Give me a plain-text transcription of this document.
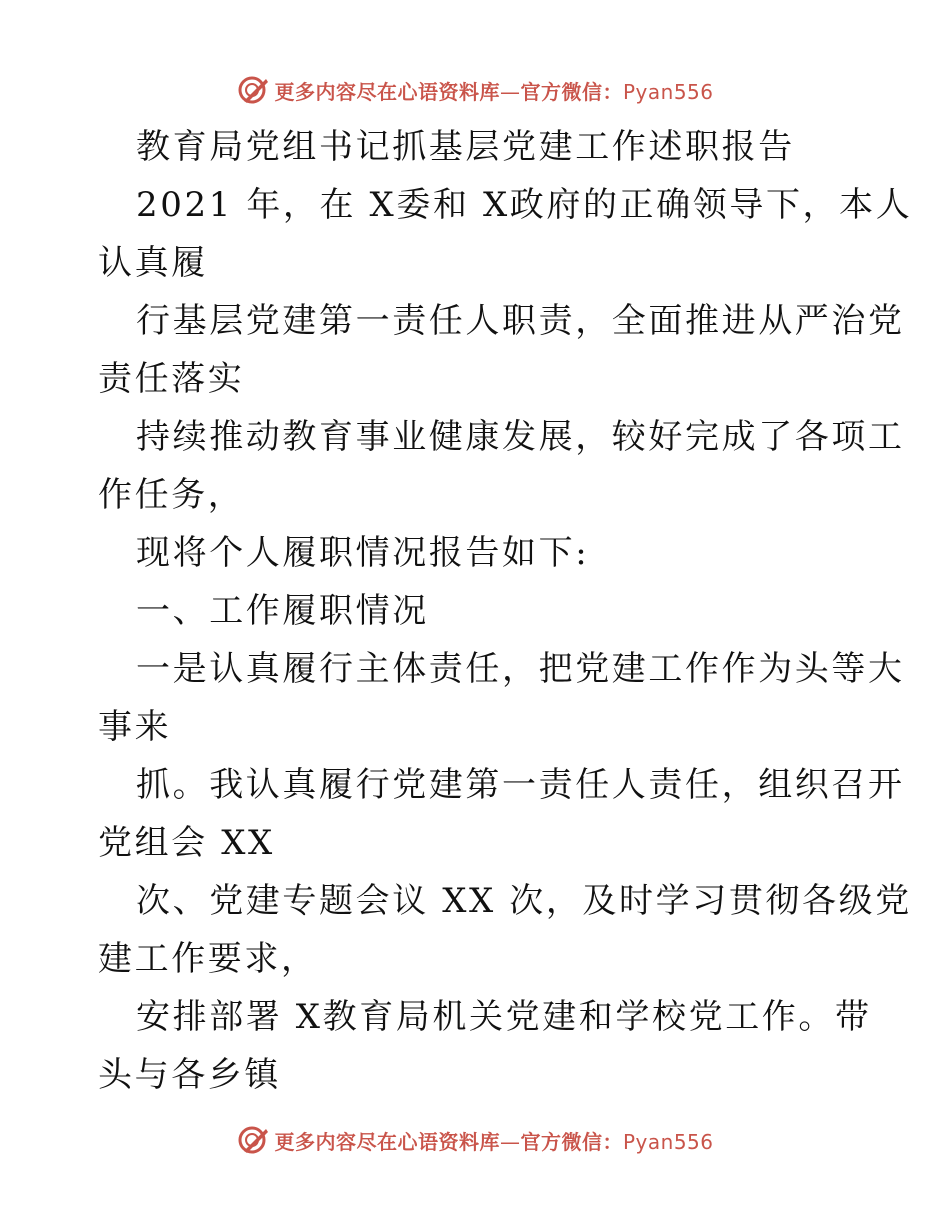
更多内容尽在心语资料库—官方微信：Pyan556
教育局党组书记抓基层党建工作述职报告
2021 年，在 X委和 X政府的正确领导下，本人
认真履
行基层党建第一责任人职责，全面推进从严治党
责任落实
持续推动教育事业健康发展，较好完成了各项工
作任务，
现将个人履职情况报告如下:
一、工作履职情况
一是认真履行主体责任，把党建工作作为头等大
事来
抓。我认真履行党建第一责任人责任，组织召开
党组会 XX
次、党建专题会议 XX 次，及时学习贯彻各级党
建工作要求，
安排部署 X教育局机关党建和学校党工作。带
头与各乡镇
更多内容尽在心语资料库—官方微信：Pyan556
